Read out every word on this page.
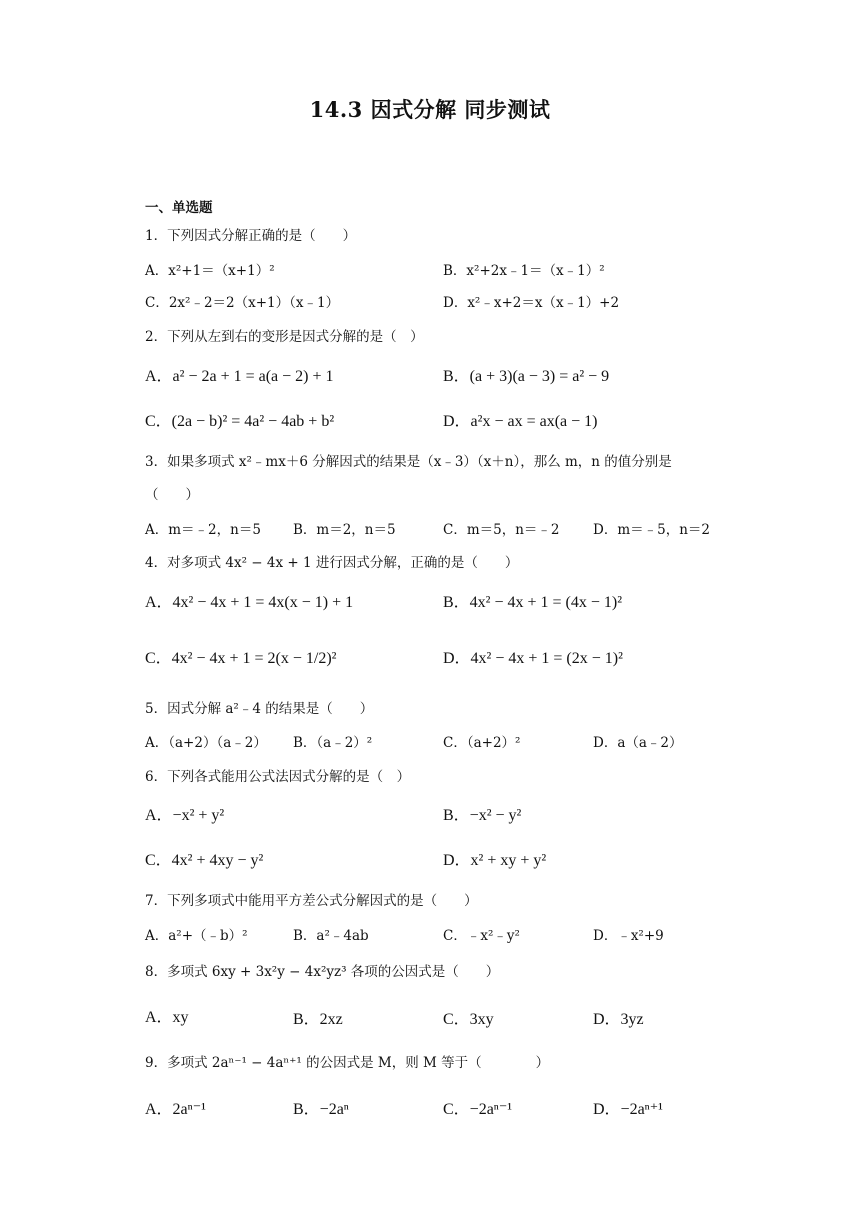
14.3 因式分解 同步测试
一、单选题
1．下列因式分解正确的是（　　）
A．x²+1＝（x+1）²	B．x²+2x﹣1＝（x﹣1）²
C．2x²﹣2＝2（x+1）（x﹣1）	D．x²﹣x+2＝x（x﹣1）+2
2．下列从左到右的变形是因式分解的是（　）
A．a² − 2a + 1 = a(a − 2) + 1	B．(a + 3)(a − 3) = a² − 9
C．(2a − b)² = 4a² − 4ab + b²	D．a²x − ax = ax(a − 1)
3．如果多项式 x²﹣mx＋6 分解因式的结果是（x﹣3）（x＋n），那么 m，n 的值分别是
（　　）
A．m＝﹣2，n＝5 B．m＝2，n＝5	C．m＝5，n＝﹣2 D．m＝﹣5，n＝2
4．对多项式 4x² − 4x + 1 进行因式分解，正确的是（　　）
A．4x² − 4x + 1 = 4x(x − 1) + 1	B．4x² − 4x + 1 = (4x − 1)²
C．4x² − 4x + 1 = 2(x − 1/2)²	D．4x² − 4x + 1 = (2x − 1)²
5．因式分解 a²﹣4 的结果是（　　）
A．（a+2）（a﹣2） B．（a﹣2）²	C．（a+2）²	D．a（a﹣2）
6．下列各式能用公式法因式分解的是（　）
A．−x² + y²	B．−x² − y²
C．4x² + 4xy − y²	D．x² + xy + y²
7．下列多项式中能用平方差公式分解因式的是（　　）
A．a²+（﹣b）²	B．a²﹣4ab	C．﹣x²﹣y²	D．﹣x²+9
8．多项式 6xy + 3x²y − 4x²yz³ 各项的公因式是（　　）
A．xy	B．2xz	C．3xy	D．3yz
9．多项式 2aⁿ⁻¹ − 4aⁿ⁺¹ 的公因式是 M，则 M 等于（　　　　）
A．2aⁿ⁻¹	B．−2aⁿ	C．−2aⁿ⁻¹	D．−2aⁿ⁺¹
